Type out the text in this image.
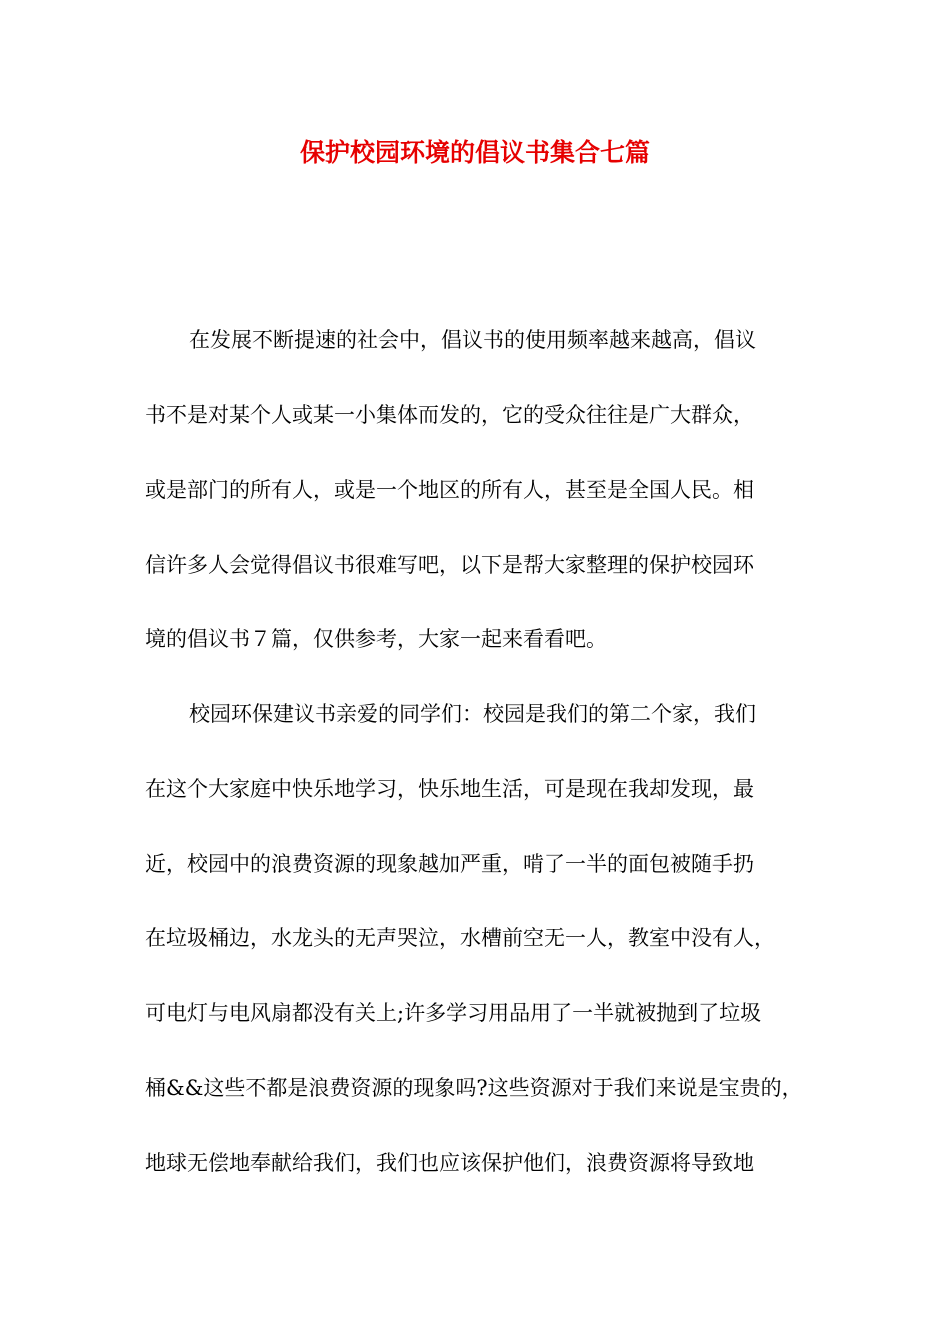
保护校园环境的倡议书集合七篇

在发展不断提速的社会中，倡议书的使用频率越来越高，倡议

书不是对某个人或某一小集体而发的，它的受众往往是广大群众，

或是部门的所有人，或是一个地区的所有人，甚至是全国人民。相

信许多人会觉得倡议书很难写吧，以下是帮大家整理的保护校园环

境的倡议书７篇，仅供参考，大家一起来看看吧。

校园环保建议书亲爱的同学们：校园是我们的第二个家，我们

在这个大家庭中快乐地学习，快乐地生活，可是现在我却发现，最

近，校园中的浪费资源的现象越加严重，啃了一半的面包被随手扔

在垃圾桶边，水龙头的无声哭泣，水槽前空无一人，教室中没有人，

可电灯与电风扇都没有关上;许多学习用品用了一半就被抛到了垃圾

桶&&这些不都是浪费资源的现象吗?这些资源对于我们来说是宝贵的，

地球无偿地奉献给我们，我们也应该保护他们，浪费资源将导致地
